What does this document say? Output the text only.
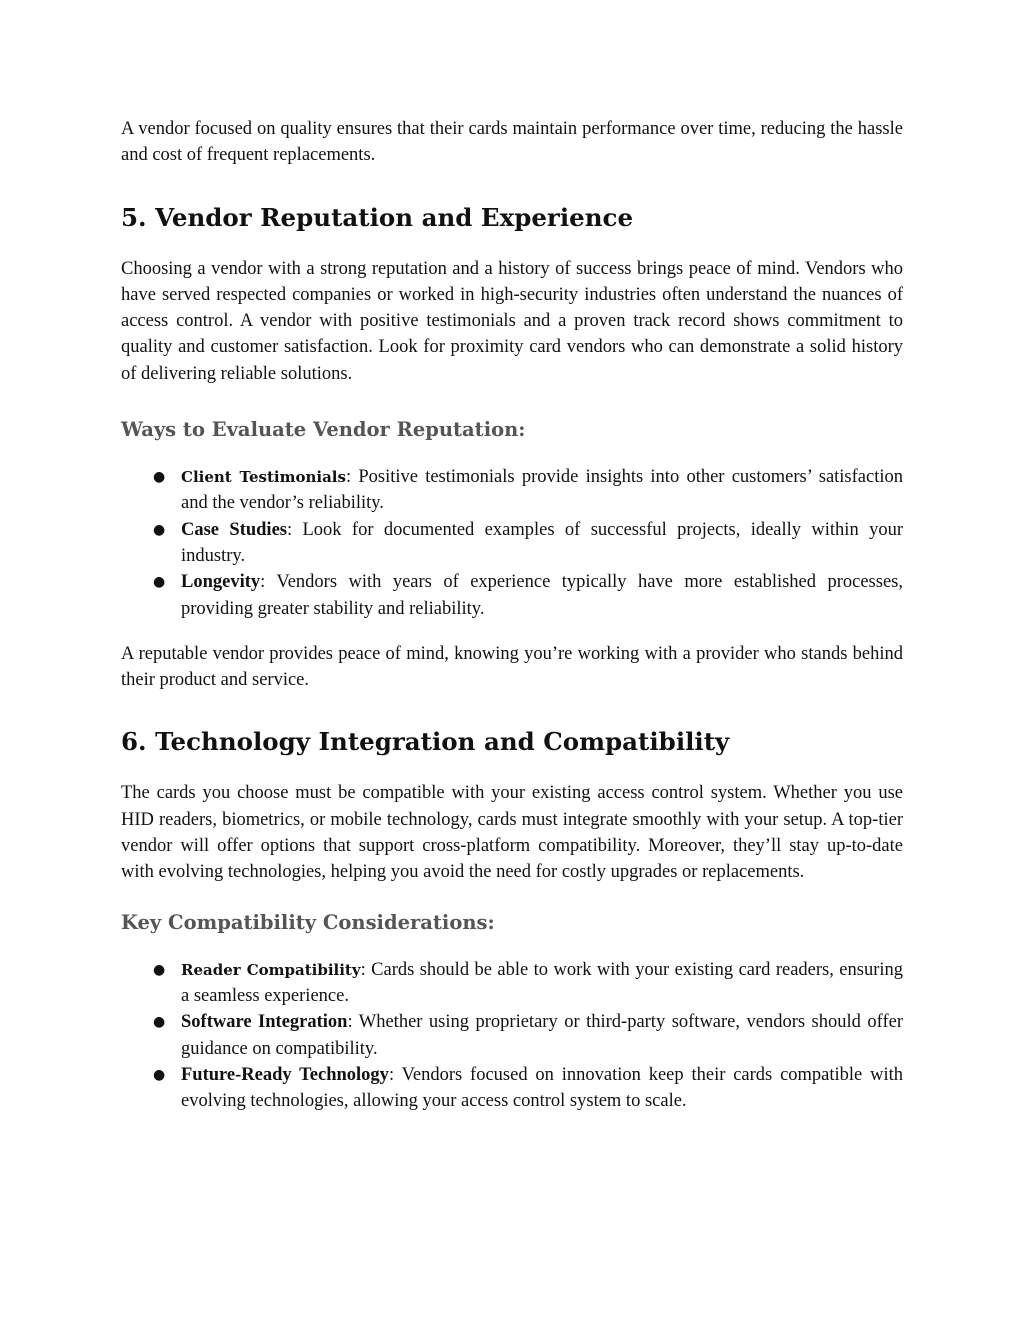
A vendor focused on quality ensures that their cards maintain performance over time, reducing the hassle and cost of frequent replacements.

5. Vendor Reputation and Experience

Choosing a vendor with a strong reputation and a history of success brings peace of mind. Vendors who have served respected companies or worked in high-security industries often understand the nuances of access control. A vendor with positive testimonials and a proven track record shows commitment to quality and customer satisfaction. Look for proximity card vendors who can demonstrate a solid history of delivering reliable solutions.

Ways to Evaluate Vendor Reputation:
● Client Testimonials: Positive testimonials provide insights into other customers’ satisfaction and the vendor’s reliability.
● Case Studies: Look for documented examples of successful projects, ideally within your industry.
● Longevity: Vendors with years of experience typically have more established processes, providing greater stability and reliability.

A reputable vendor provides peace of mind, knowing you’re working with a provider who stands behind their product and service.

6. Technology Integration and Compatibility

The cards you choose must be compatible with your existing access control system. Whether you use HID readers, biometrics, or mobile technology, cards must integrate smoothly with your setup. A top-tier vendor will offer options that support cross-platform compatibility. Moreover, they’ll stay up-to-date with evolving technologies, helping you avoid the need for costly upgrades or replacements.

Key Compatibility Considerations:
● Reader Compatibility: Cards should be able to work with your existing card readers, ensuring a seamless experience.
● Software Integration: Whether using proprietary or third-party software, vendors should offer guidance on compatibility.
● Future-Ready Technology: Vendors focused on innovation keep their cards compatible with evolving technologies, allowing your access control system to scale.
